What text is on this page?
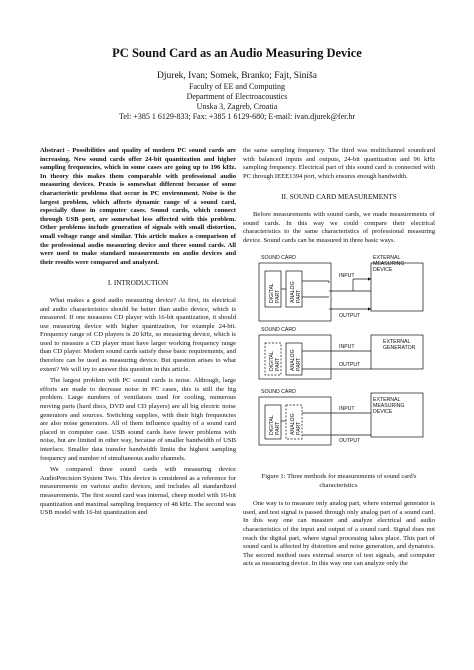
PC Sound Card as an Audio Measuring Device
Djurek, Ivan; Somek, Branko; Fajt, Siniša
Faculty of EE and Computing
Department of Electroacoustics
Unska 3, Zagreb, Croatia
Tel: +385 1 6129-833; Fax: +385 1 6129-680; E-mail: ivan.djurek@fer.hr

Abstract - Possibilities and quality of modern PC sound cards are increasing. New sound cards offer 24-bit quantization and higher sampling frequencies, which in some cases are going up to 196 kHz. In theory this makes them comparable with professional audio measuring devices. Praxis is somewhat different because of some characteristic problems that occur in PC environment. Noise is the largest problem, which affects dynamic range of a sound card, especially those in computer cases. Sound cards, which connect through USB port, are somewhat less affected with this problem. Other problems include generation of signals with small distortion, small voltage range and similar. This article makes a comparison of the professional audio measuring device and three sound cards. All were used to make standard measurements on audio devices and their results were compared and analyzed.

I. INTRODUCTION

What makes a good audio measuring device? At first, its electrical and audio characteristics should be better than audio device, which is measured. If one measures CD player with 16-bit quantization, it should use measuring device with higher quantization, for example 24-bit. Frequency range of CD players is 20 kHz, so measuring device, which is used to measure a CD player must have larger working frequency range than CD player. Modern sound cards satisfy these basic requirements, and therefore can be used as measuring device. But question arises to what extent? We will try to answer this question in this article.

The largest problem with PC sound cards is noise. Although, large efforts are made to decrease noise in PC cases, this is still the big problem. Large numbers of ventilators used for cooling, numerous moving parts (hard discs, DVD and CD players) are all big electric noise generators and sources. Switching supplies, with their high frequencies are also noise generators. All of them influence quality of a sound card placed in computer case. USB sound cards have fewer problems with noise, but are limited in other way, because of smaller bandwidth of USB interface. Smaller data transfer bandwidth limits the highest sampling frequency and number of simultaneous audio channels.

We compared three sound cards with measuring device AudioPrecision System Two. This device is considered as a reference for measurements on various audio devices, and includes all standardized measurements. The first sound card was internal, cheep model with 16-bit quantization and maximal sampling frequency of 48 kHz. The second was USB model with 16-bit quantization and

the same sampling frequency. The third was multichannel soundcard with balanced inputs and outputs, 24-bit quantization and 96 kHz sampling frequency. Electrical part of this sound card is connected with PC through IEEE1394 port, which ensures enough bandwidth.

II. SOUND CARD MEASUREMENTS

Before measurements with sound cards, we made measurements of sound cards. In this way we could compare their electrical characteristics to the same characteristics of professional measuring device. Sound cards can be measured in three basic ways.

SOUND CARD
DIGITAL PART ANALOG PART
INPUT
OUTPUT
EXTERNAL
MEASURING
DEVICE
SOUND CARD
DIGITAL PART ANALOG PART
INPUT
OUTPUT
EXTERNAL
GENERATOR
SOUND CARD
DIGITAL PART ANALOG PART
INPUT
OUTPUT
EXTERNAL
MEASURING
DEVICE
Figure 1: Three methods for measurements of sound card's characteristics.

One way is to measure only analog part, where external generator is used, and test signal is passed through only analog part of a sound card. In this way one can measure and analyze electrical and audio characteristics of the input and output of a sound card. Signal does not reach the digital part, where signal processing takes place. This part of sound card is affected by distortion and noise generation, and dynamics. The second method uses external source of test signals, and computer acts as measuring device. In this way one can analyze only the
